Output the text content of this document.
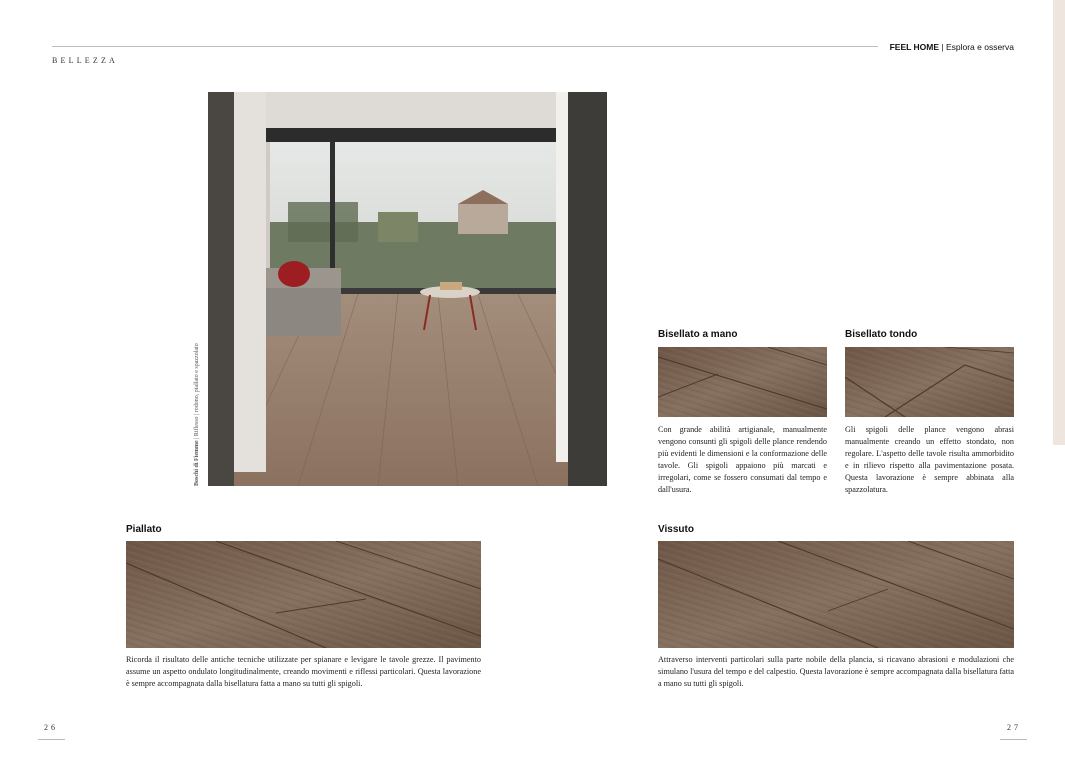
BELLEZZA
FEEL HOME | Esplora e osserva
Boschi di Fiemme | Riflesso | rodono, piallato e spazzolato
Bisellato a mano
Con grande abilità artigianale, manualmente vengono consunti gli spigoli delle plance rendendo più evidenti le dimensioni e la conformazione delle tavole. Gli spigoli appaiono più marcati e irregolari, come se fossero consumati dal tempo e dall'usura.
Bisellato tondo
Gli spigoli delle plance vengono abrasi manualmente creando un effetto stondato, non regolare. L'aspetto delle tavole risulta ammorbidito e in rilievo rispetto alla pavimentazione posata. Questa lavorazione è sempre abbinata alla spazzolatura.
Piallato
Ricorda il risultato delle antiche tecniche utilizzate per spianare e levigare le tavole grezze. Il pavimento assume un aspetto ondulato longitudinalmente, creando movimenti e riflessi particolari. Questa lavorazione è sempre accompagnata dalla bisellatura fatta a mano su tutti gli spigoli.
Vissuto
Attraverso interventi particolari sulla parte nobile della plancia, si ricavano abrasioni e modulazioni che simulano l'usura del tempo e del calpestio. Questa lavorazione è sempre accompagnata dalla bisellatura fatta a mano su tutti gli spigoli.
26	27
